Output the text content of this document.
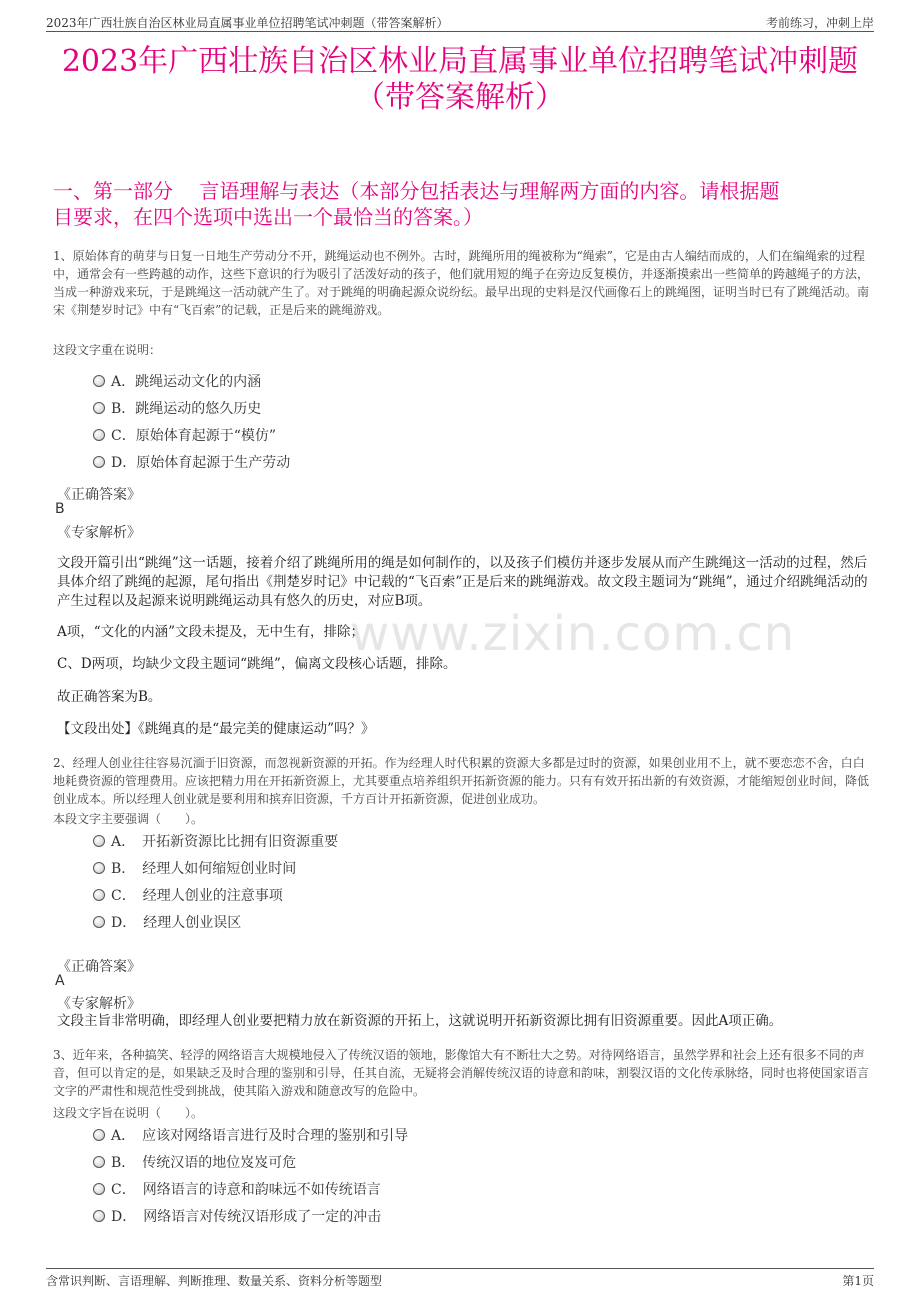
2023年广西壮族自治区林业局直属事业单位招聘笔试冲刺题（带答案解析）	考前练习，冲刺上岸
2023年广西壮族自治区林业局直属事业单位招聘笔试冲刺题
（带答案解析）
一、第一部分　 言语理解与表达（本部分包括表达与理解两方面的内容。请根据题
目要求，在四个选项中选出一个最恰当的答案。）
www.zixin.com.cn
1、原始体育的萌芽与日复一日地生产劳动分不开，跳绳运动也不例外。古时，跳绳所用的绳被称为“绳索”，它是由古人编结而成的，人们在编绳索的过程中，通常会有一些跨越的动作，这些下意识的行为吸引了活泼好动的孩子，他们就用短的绳子在旁边反复模仿，并逐渐摸索出一些简单的跨越绳子的方法，当成一种游戏来玩，于是跳绳这一活动就产生了。对于跳绳的明确起源众说纷纭。最早出现的史料是汉代画像石上的跳绳图，证明当时已有了跳绳活动。南宋《荆楚岁时记》中有“飞百索”的记载，正是后来的跳绳游戏。
这段文字重在说明：
A．跳绳运动文化的内涵
B．跳绳运动的悠久历史
C．原始体育起源于“模仿”
D．原始体育起源于生产劳动
《正确答案》
B
《专家解析》
文段开篇引出“跳绳”这一话题，接着介绍了跳绳所用的绳是如何制作的，以及孩子们模仿并逐步发展从而产生跳绳这一活动的过程，然后具体介绍了跳绳的起源，尾句指出《荆楚岁时记》中记载的“飞百索”正是后来的跳绳游戏。故文段主题词为“跳绳”，通过介绍跳绳活动的产生过程以及起源来说明跳绳运动具有悠久的历史，对应B项。
A项，“文化的内涵”文段未提及，无中生有，排除；
C、D两项，均缺少文段主题词“跳绳”，偏离文段核心话题，排除。
故正确答案为B。
【文段出处】《跳绳真的是“最完美的健康运动”吗？》
2、经理人创业往往容易沉湎于旧资源，而忽视新资源的开拓。作为经理人时代积累的资源大多都是过时的资源，如果创业用不上，就不要恋恋不舍，白白地耗费资源的管理费用。应该把精力用在开拓新资源上，尤其要重点培养组织开拓新资源的能力。只有有效开拓出新的有效资源，才能缩短创业时间，降低创业成本。所以经理人创业就是要利用和摈弃旧资源，千方百计开拓新资源，促进创业成功。
本段文字主要强调（　　）。
A．　开拓新资源比比拥有旧资源重要
B．　经理人如何缩短创业时间
C．　经理人创业的注意事项
D．　经理人创业误区
《正确答案》
A
《专家解析》
文段主旨非常明确，即经理人创业要把精力放在新资源的开拓上，这就说明开拓新资源比拥有旧资源重要。因此A项正确。
3、近年来，各种搞笑、轻浮的网络语言大规模地侵入了传统汉语的领地，影像馆大有不断壮大之势。对待网络语言，虽然学界和社会上还有很多不同的声音，但可以肯定的是，如果缺乏及时合理的鉴别和引导，任其自流，无疑将会消解传统汉语的诗意和韵味，割裂汉语的文化传承脉络，同时也将使国家语言文字的严肃性和规范性受到挑战，使其陷入游戏和随意改写的危险中。
这段文字旨在说明（　　）。
A．　应该对网络语言进行及时合理的鉴别和引导
B．　传统汉语的地位岌岌可危
C．　网络语言的诗意和韵味远不如传统语言
D．　网络语言对传统汉语形成了一定的冲击
含常识判断、言语理解、判断推理、数量关系、资料分析等题型	第1页
